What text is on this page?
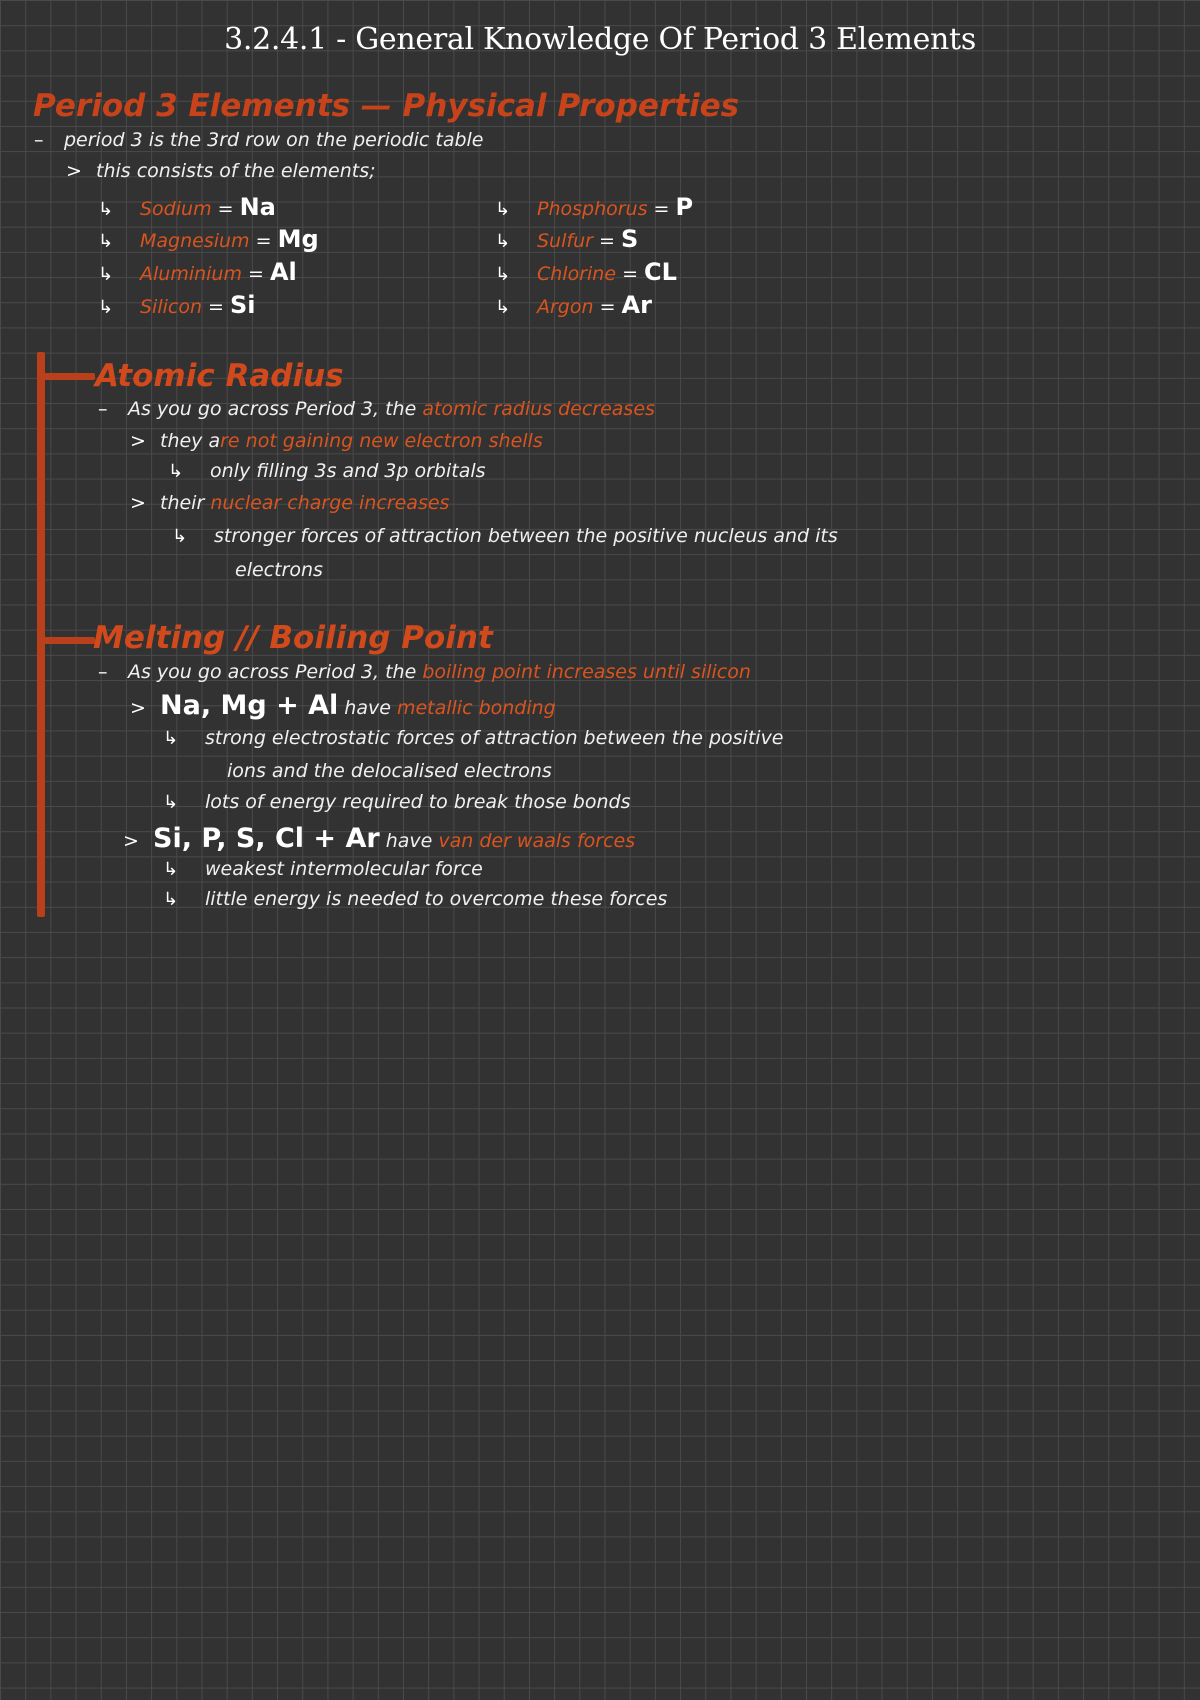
3.2.4.1 - General Knowledge Of Period 3 Elements
Period 3 Elements — Physical Properties
– period 3 is the 3rd row on the periodic table
> this consists of the elements;
↳ Sodium = Na
↳ Magnesium = Mg
↳ Aluminium = Al
↳ Silicon = Si
↳ Phosphorus = P
↳ Sulfur = S
↳ Chlorine = CL
↳ Argon = Ar
Atomic Radius
– As you go across Period 3, the atomic radius decreases
> they are not gaining new electron shells
↳ only filling 3s and 3p orbitals
> their nuclear charge increases
↳ stronger forces of attraction between the positive nucleus and its
electrons
Melting // Boiling Point
– As you go across Period 3, the boiling point increases until silicon
> Na, Mg + Al have metallic bonding
↳ strong electrostatic forces of attraction between the positive
ions and the delocalised electrons
↳ lots of energy required to break those bonds
> Si, P, S, Cl + Ar have van der waals forces
↳ weakest intermolecular force
↳ little energy is needed to overcome these forces
